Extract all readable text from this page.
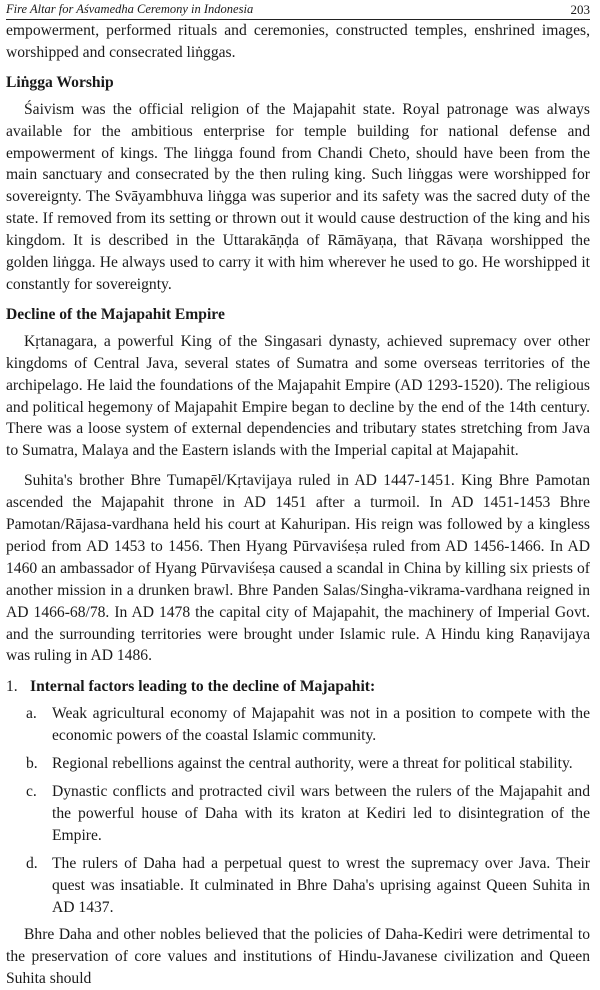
Fire Altar for Aśvamedha Ceremony in Indonesia	203

empowerment, performed rituals and ceremonies, constructed temples, enshrined images, worshipped and consecrated liṅggas.

Liṅgga Worship

Śaivism was the official religion of the Majapahit state. Royal patronage was always available for the ambitious enterprise for temple building for national defense and empowerment of kings. The liṅgga found from Chandi Cheto, should have been from the main sanctuary and consecrated by the then ruling king. Such liṅggas were worshipped for sovereignty. The Svāyambhuva liṅgga was superior and its safety was the sacred duty of the state. If removed from its setting or thrown out it would cause destruction of the king and his kingdom. It is described in the Uttarakāṇḍa of Rāmāyaṇa, that Rāvaṇa worshipped the golden liṅgga. He always used to carry it with him wherever he used to go. He worshipped it constantly for sovereignty.

Decline of the Majapahit Empire

Kṛtanagara, a powerful King of the Singasari dynasty, achieved supremacy over other kingdoms of Central Java, several states of Sumatra and some overseas territories of the archipelago. He laid the foundations of the Majapahit Empire (AD 1293-1520). The religious and political hegemony of Majapahit Empire began to decline by the end of the 14th century. There was a loose system of external dependencies and tributary states stretching from Java to Sumatra, Malaya and the Eastern islands with the Imperial capital at Majapahit.

Suhita's brother Bhre Tumapēl/Kṛtavijaya ruled in AD 1447-1451. King Bhre Pamotan ascended the Majapahit throne in AD 1451 after a turmoil. In AD 1451-1453 Bhre Pamotan/Rājasa-vardhana held his court at Kahuripan. His reign was followed by a kingless period from AD 1453 to 1456. Then Hyang Pūrvaviśeṣa ruled from AD 1456-1466. In AD 1460 an ambassador of Hyang Pūrvaviśeṣa caused a scandal in China by killing six priests of another mission in a drunken brawl. Bhre Panden Salas/Singha-vikrama-vardhana reigned in AD 1466-68/78. In AD 1478 the capital city of Majapahit, the machinery of Imperial Govt. and the surrounding territories were brought under Islamic rule. A Hindu king Raṇavijaya was ruling in AD 1486.

1. Internal factors leading to the decline of Majapahit:

a. Weak agricultural economy of Majapahit was not in a position to compete with the economic powers of the coastal Islamic community.
b. Regional rebellions against the central authority, were a threat for political stability.
c. Dynastic conflicts and protracted civil wars between the rulers of the Majapahit and the powerful house of Daha with its kraton at Kediri led to disintegration of the Empire.
d. The rulers of Daha had a perpetual quest to wrest the supremacy over Java. Their quest was insatiable. It culminated in Bhre Daha's uprising against Queen Suhita in AD 1437.

Bhre Daha and other nobles believed that the policies of Daha-Kediri were detrimental to the preservation of core values and institutions of Hindu-Javanese civilization and Queen Suhita should
